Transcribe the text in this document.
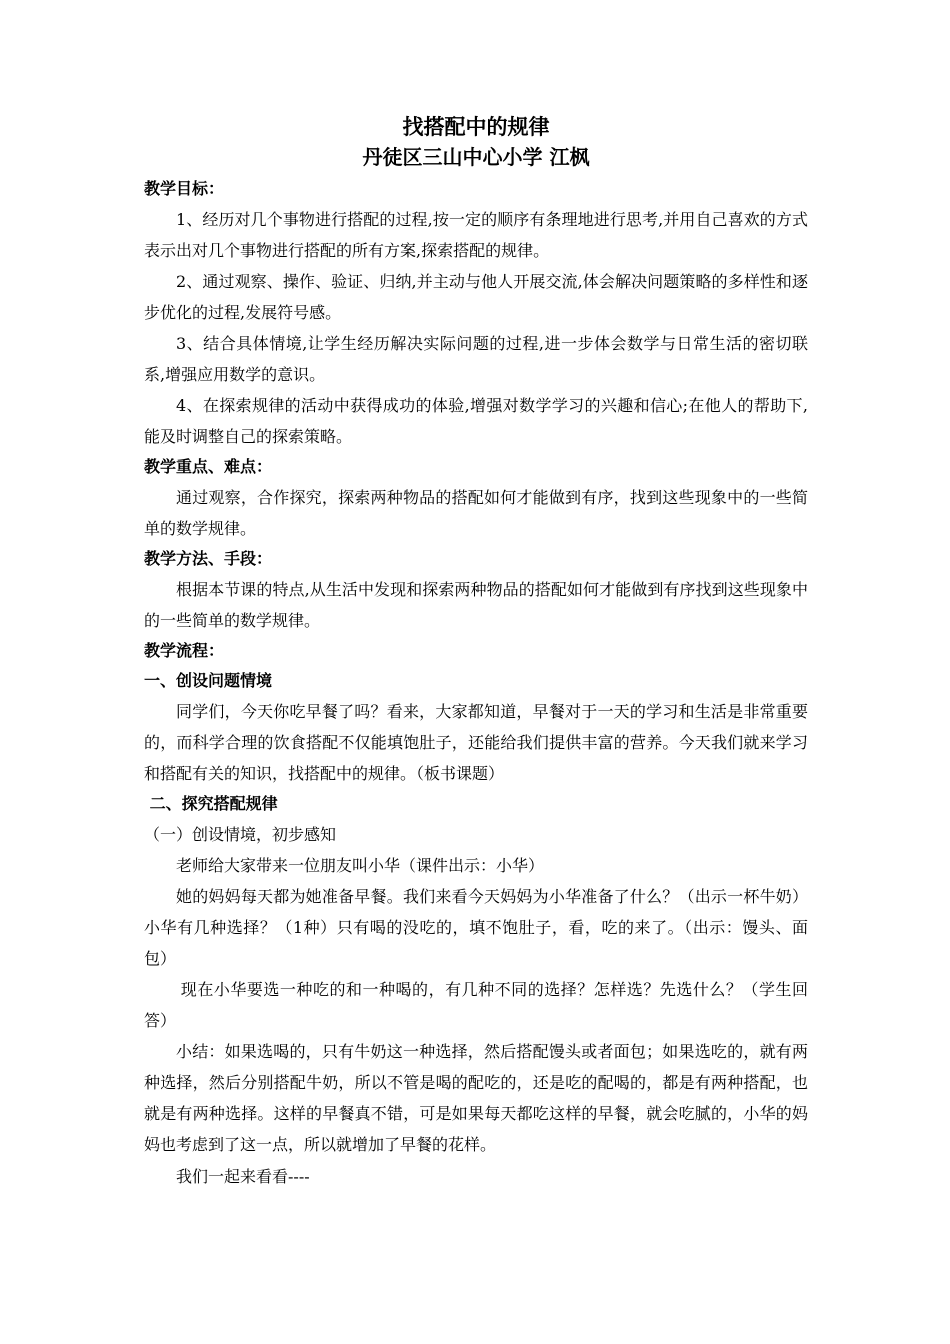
找搭配中的规律

丹徒区三山中心小学 江枫

教学目标：

1、经历对几个事物进行搭配的过程,按一定的顺序有条理地进行思考,并用自己喜欢的方式表示出对几个事物进行搭配的所有方案,探索搭配的规律。

2、通过观察、操作、验证、归纳,并主动与他人开展交流,体会解决问题策略的多样性和逐步优化的过程,发展符号感。

3、结合具体情境,让学生经历解决实际问题的过程,进一步体会数学与日常生活的密切联系,增强应用数学的意识。

4、在探索规律的活动中获得成功的体验,增强对数学学习的兴趣和信心;在他人的帮助下,能及时调整自己的探索策略。

教学重点、难点：

通过观察，合作探究，探索两种物品的搭配如何才能做到有序，找到这些现象中的一些简单的数学规律。

教学方法、手段：

根据本节课的特点,从生活中发现和探索两种物品的搭配如何才能做到有序找到这些现象中的一些简单的数学规律。

教学流程：

一、创设问题情境

同学们，今天你吃早餐了吗？看来，大家都知道，早餐对于一天的学习和生活是非常重要的，而科学合理的饮食搭配不仅能填饱肚子，还能给我们提供丰富的营养。今天我们就来学习和搭配有关的知识，找搭配中的规律。（板书课题）

二、探究搭配规律

（一）创设情境，初步感知

老师给大家带来一位朋友叫小华（课件出示：小华）

她的妈妈每天都为她准备早餐。我们来看今天妈妈为小华准备了什么？（出示一杯牛奶）小华有几种选择？（1种）只有喝的没吃的，填不饱肚子，看，吃的来了。（出示：馒头、面包）

现在小华要选一种吃的和一种喝的，有几种不同的选择？怎样选？先选什么？（学生回答）

小结：如果选喝的，只有牛奶这一种选择，然后搭配馒头或者面包；如果选吃的，就有两种选择，然后分别搭配牛奶，所以不管是喝的配吃的，还是吃的配喝的，都是有两种搭配，也就是有两种选择。这样的早餐真不错，可是如果每天都吃这样的早餐，就会吃腻的，小华的妈妈也考虑到了这一点，所以就增加了早餐的花样。

我们一起来看看----
